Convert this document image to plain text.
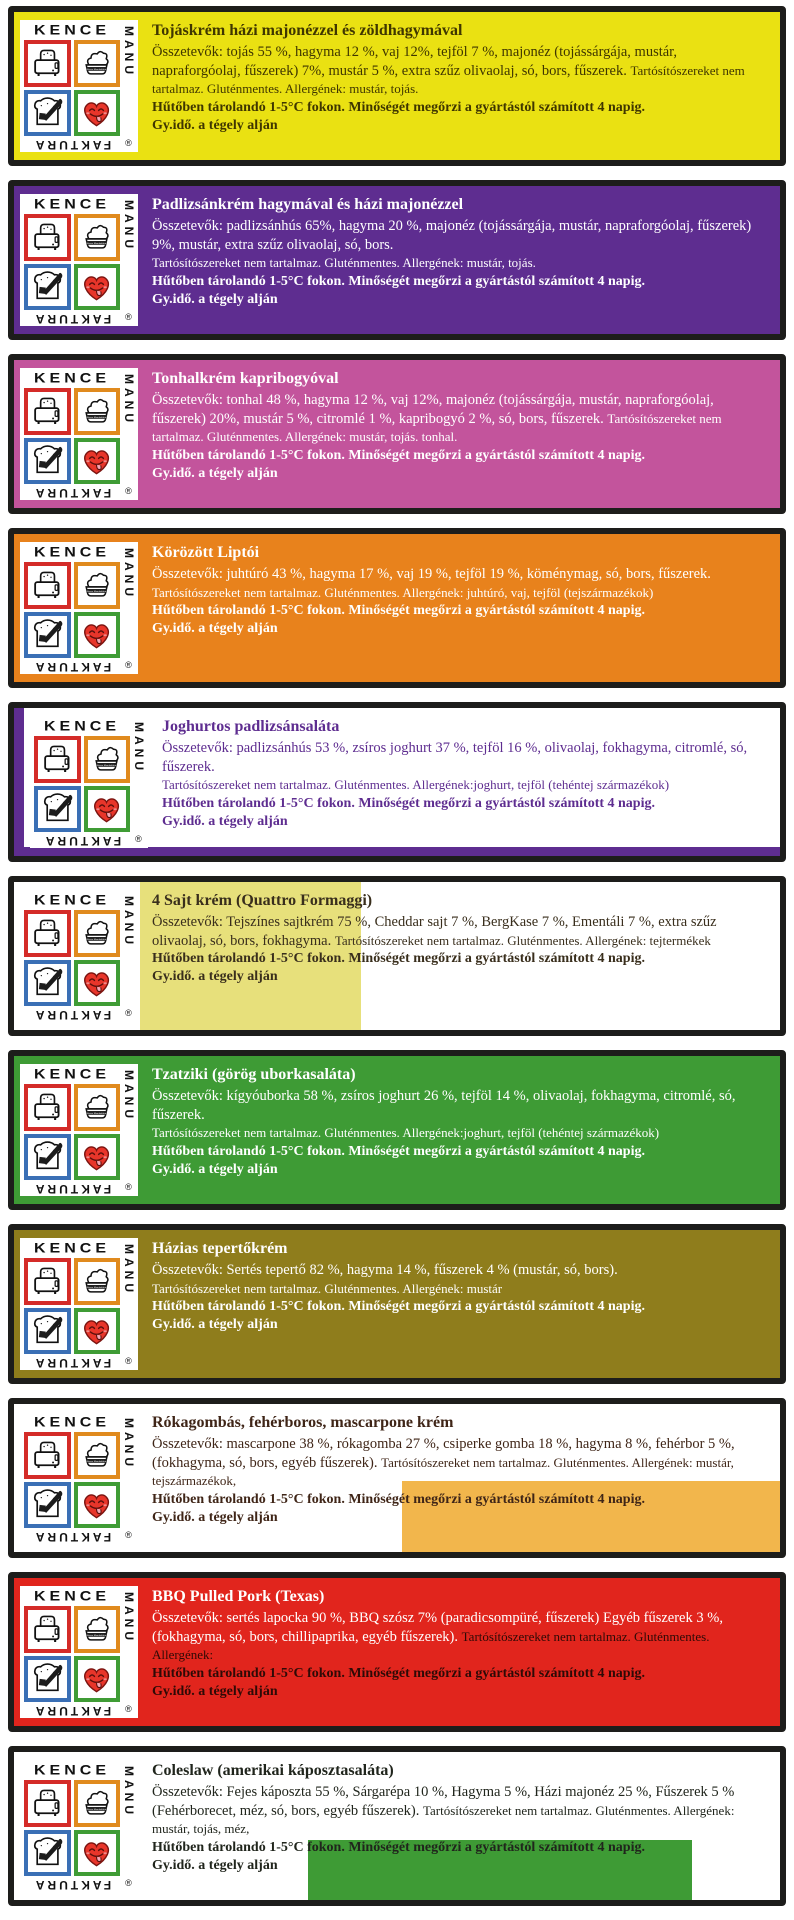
KENCE	MANU
Kence Manufaktúra
FAKTURA	®
Tojáskrém házi majonézzel és zöldhagymával

Összetevők: tojás 55 %, hagyma 12 %, vaj 12%, tejföl 7 %, majonéz (tojássárgája, mustár, napraforgóolaj, fűszerek) 7%, mustár 5 %, extra szűz olivaolaj, só, bors, fűszerek. Tartósítószereket nem tartalmaz. Gluténmentes. Allergének: mustár, tojás.

Hűtőben tárolandó 1-5°C fokon. Minőségét megőrzi a gyártástól számított 4 napig.

Gy.idő. a tégely alján

KENCE	MANU
Kence Manufaktúra
FAKTURA	®
Padlizsánkrém hagymával és házi majonézzel

Összetevők: padlizsánhús 65%, hagyma 20 %, majonéz (tojássárgája, mustár, napraforgóolaj, fűszerek) 9%, mustár, extra szűz olivaolaj, só, bors.
Tartósítószereket nem tartalmaz. Gluténmentes. Allergének: mustár, tojás.

Hűtőben tárolandó 1-5°C fokon. Minőségét megőrzi a gyártástól számított 4 napig.

Gy.idő. a tégely alján

KENCE	MANU
Kence Manufaktúra
FAKTURA	®
Tonhalkrém kapribogyóval

Összetevők: tonhal 48 %, hagyma 12 %, vaj 12%, majonéz (tojássárgája, mustár, napraforgóolaj, fűszerek) 20%, mustár 5 %, citromlé 1 %, kapribogyó 2 %, só, bors, fűszerek. Tartósítószereket nem tartalmaz. Gluténmentes. Allergének: mustár, tojás. tonhal.

Hűtőben tárolandó 1-5°C fokon. Minőségét megőrzi a gyártástól számított 4 napig.

Gy.idő. a tégely alján

KENCE	MANU
Kence Manufaktúra
FAKTURA	®
Körözött Liptói

Összetevők: juhtúró 43 %, hagyma 17 %, vaj 19 %, tejföl 19 %, köménymag, só, bors, fűszerek. Tartósítószereket nem tartalmaz. Gluténmentes. Allergének: juhtúró, vaj, tejföl (tejszármazékok)

Hűtőben tárolandó 1-5°C fokon. Minőségét megőrzi a gyártástól számított 4 napig.

Gy.idő. a tégely alján

KENCE	MANU
Kence Manufaktúra
FAKTURA	®
Joghurtos padlizsánsaláta

Összetevők: padlizsánhús 53 %, zsíros joghurt 37 %, tejföl 16 %, olivaolaj, fokhagyma, citromlé, só, fűszerek.
Tartósítószereket nem tartalmaz. Gluténmentes. Allergének:joghurt, tejföl (tehéntej származékok)

Hűtőben tárolandó 1-5°C fokon. Minőségét megőrzi a gyártástól számított 4 napig.

Gy.idő. a tégely alján

KENCE	MANU
Kence Manufaktúra
FAKTURA	®
4 Sajt krém (Quattro Formaggi)

Összetevők: Tejszínes sajtkrém 75 %, Cheddar sajt 7 %, BergKase 7 %, Ementáli 7 %, extra szűz olivaolaj, só, bors, fokhagyma. Tartósítószereket nem tartalmaz. Gluténmentes. Allergének: tejtermékek

Hűtőben tárolandó 1-5°C fokon. Minőségét megőrzi a gyártástól számított 4 napig.

Gy.idő. a tégely alján

KENCE	MANU
Kence Manufaktúra
FAKTURA	®
Tzatziki (görög uborkasaláta)

Összetevők: kígyóuborka 58 %, zsíros joghurt 26 %, tejföl 14 %, olivaolaj, fokhagyma, citromlé, só, fűszerek.
Tartósítószereket nem tartalmaz. Gluténmentes. Allergének:joghurt, tejföl (tehéntej származékok)

Hűtőben tárolandó 1-5°C fokon. Minőségét megőrzi a gyártástól számított 4 napig.

Gy.idő. a tégely alján

KENCE	MANU
Kence Manufaktúra
FAKTURA	®
Házias tepertőkrém

Összetevők: Sertés tepertő 82 %, hagyma 14 %, fűszerek 4 % (mustár, só, bors).
Tartósítószereket nem tartalmaz. Gluténmentes. Allergének: mustár

Hűtőben tárolandó 1-5°C fokon. Minőségét megőrzi a gyártástól számított 4 napig.

Gy.idő. a tégely alján

KENCE	MANU
Kence Manufaktúra
FAKTURA	®
Rókagombás, fehérboros, mascarpone krém

Összetevők: mascarpone 38 %, rókagomba 27 %, csiperke gomba 18 %, hagyma 8 %, fehérbor 5 %, (fokhagyma, só, bors, egyéb fűszerek). Tartósítószereket nem tartalmaz. Gluténmentes. Allergének: mustár, tejszármazékok,

Hűtőben tárolandó 1-5°C fokon. Minőségét megőrzi a gyártástól számított 4 napig.

Gy.idő. a tégely alján

KENCE	MANU
Kence Manufaktúra
FAKTURA	®
BBQ Pulled Pork (Texas)

Összetevők: sertés lapocka 90 %, BBQ szósz 7% (paradicsompüré, fűszerek) Egyéb fűszerek 3 %, (fokhagyma, só, bors, chillipaprika, egyéb fűszerek). Tartósítószereket nem tartalmaz. Gluténmentes. Allergének:

Hűtőben tárolandó 1-5°C fokon. Minőségét megőrzi a gyártástól számított 4 napig.

Gy.idő. a tégely alján

KENCE	MANU
Kence Manufaktúra
FAKTURA	®
Coleslaw (amerikai káposztasaláta)

Összetevők: Fejes káposzta 55 %, Sárgarépa 10 %, Hagyma 5 %, Házi majonéz 25 %, Fűszerek 5 % (Fehérborecet, méz, só, bors, egyéb fűszerek). Tartósítószereket nem tartalmaz. Gluténmentes. Allergének: mustár, tojás, méz,

Hűtőben tárolandó 1-5°C fokon. Minőségét megőrzi a gyártástól számított 4 napig.

Gy.idő. a tégely alján
